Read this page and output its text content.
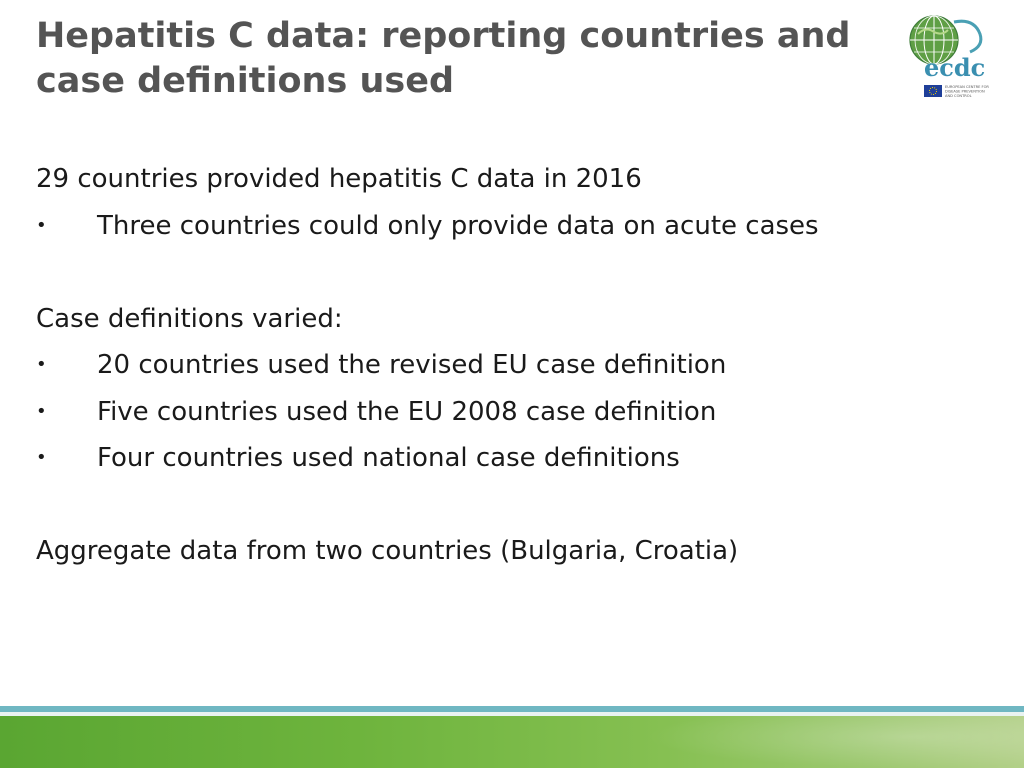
Hepatitis C data: reporting countries and
case definitions used	ecdc
EUROPEAN CENTRE FOR
DISEASE PREVENTION
AND CONTROL
29 countries provided hepatitis C data in 2016
•	Three countries could only provide data on acute cases
Case definitions varied:
•	20 countries used the revised EU case definition
•	Five countries used the EU 2008 case definition
•	Four countries used national case definitions
Aggregate data from two countries (Bulgaria, Croatia)
